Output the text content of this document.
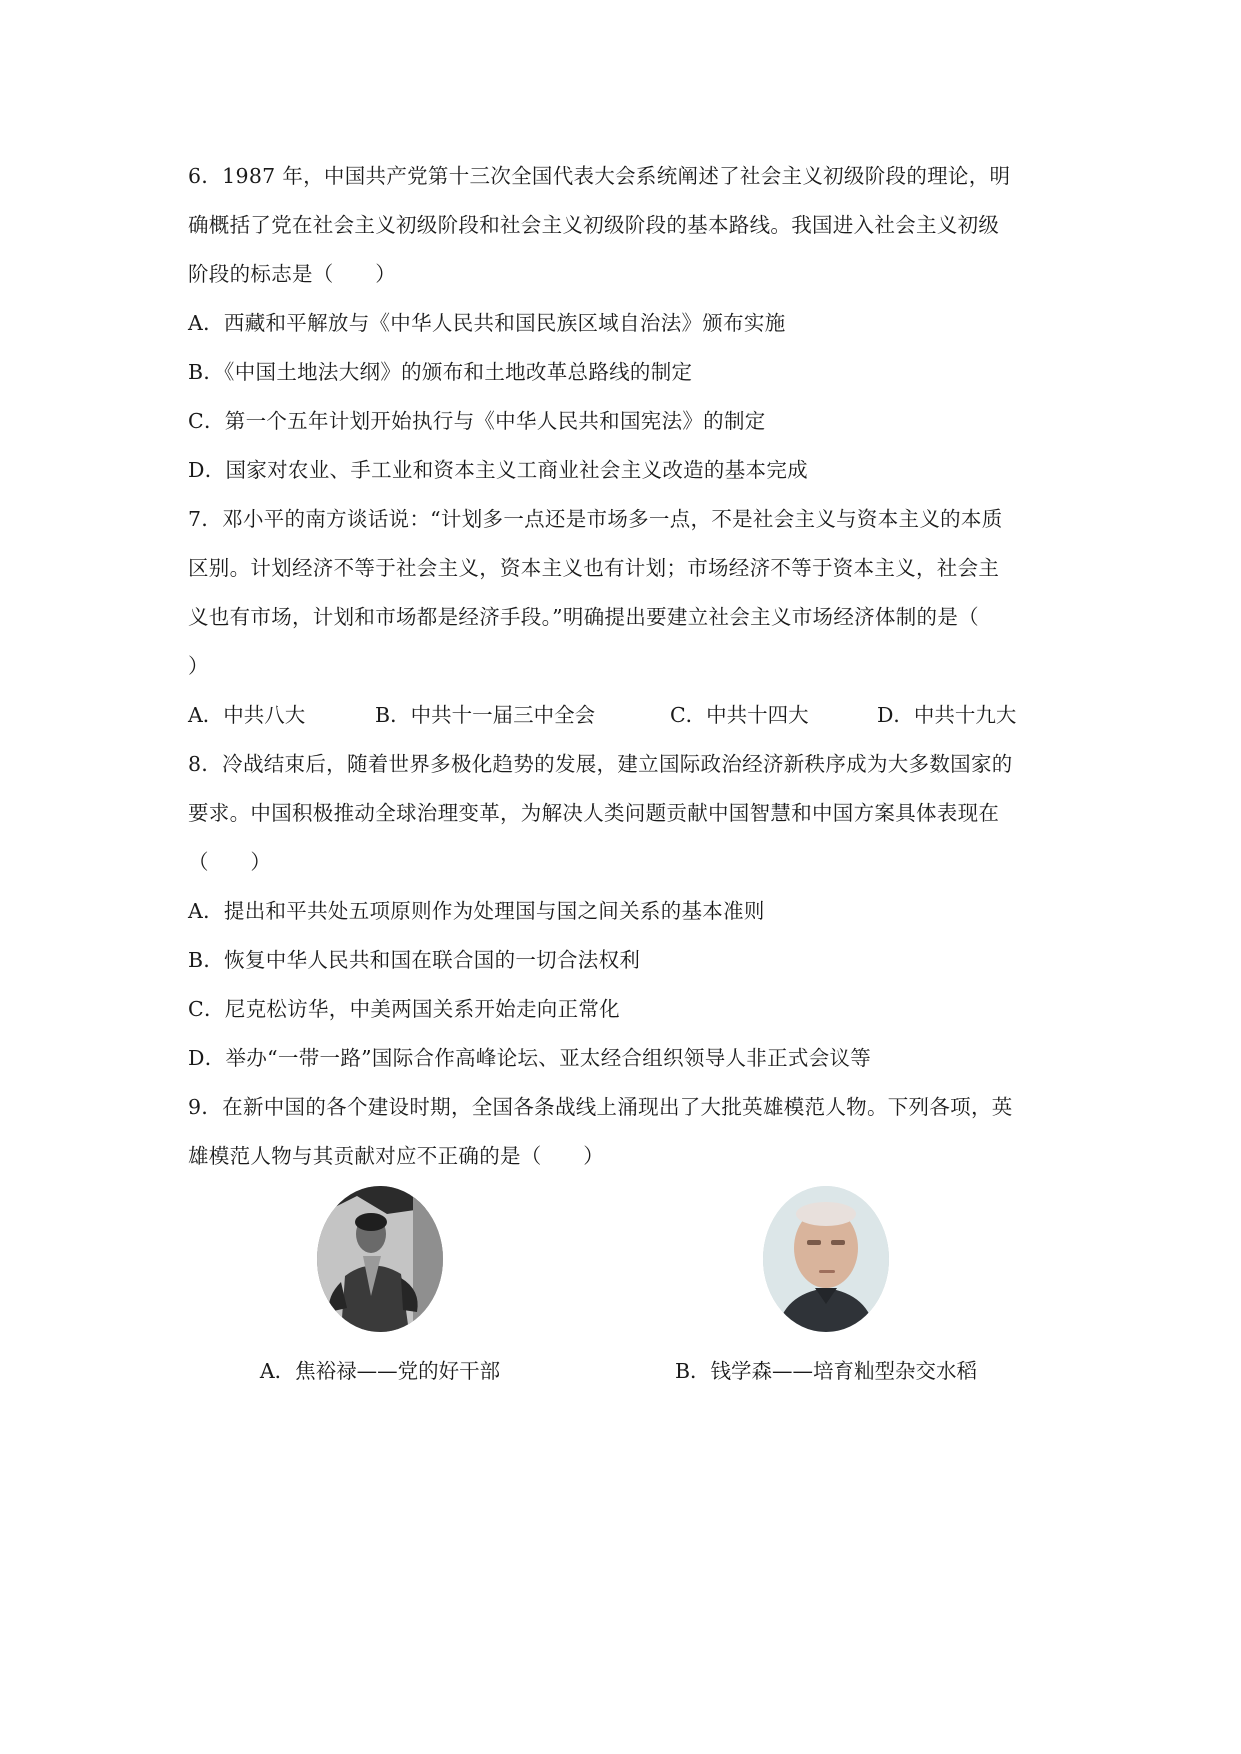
6．1987 年，中国共产党第十三次全国代表大会系统阐述了社会主义初级阶段的理论，明
确概括了党在社会主义初级阶段和社会主义初级阶段的基本路线。我国进入社会主义初级
阶段的标志是（　　）
A．西藏和平解放与《中华人民共和国民族区域自治法》颁布实施
B．《中国土地法大纲》的颁布和土地改革总路线的制定
C．第一个五年计划开始执行与《中华人民共和国宪法》的制定
D．国家对农业、手工业和资本主义工商业社会主义改造的基本完成
7．邓小平的南方谈话说：“计划多一点还是市场多一点，不是社会主义与资本主义的本质
区别。计划经济不等于社会主义，资本主义也有计划；市场经济不等于资本主义，社会主
义也有市场，计划和市场都是经济手段。”明确提出要建立社会主义市场经济体制的是（
）
A．中共八大	B．中共十一届三中全会	C．中共十四大	D．中共十九大
8．冷战结束后，随着世界多极化趋势的发展，建立国际政治经济新秩序成为大多数国家的
要求。中国积极推动全球治理变革，为解决人类问题贡献中国智慧和中国方案具体表现在
（　　）
A．提出和平共处五项原则作为处理国与国之间关系的基本准则
B．恢复中华人民共和国在联合国的一切合法权利
C．尼克松访华，中美两国关系开始走向正常化
D．举办“一带一路”国际合作高峰论坛、亚太经合组织领导人非正式会议等
9．在新中国的各个建设时期，全国各条战线上涌现出了大批英雄模范人物。下列各项，英
雄模范人物与其贡献对应不正确的是（　　）
A．焦裕禄——党的好干部	B．钱学森——培育籼型杂交水稻
